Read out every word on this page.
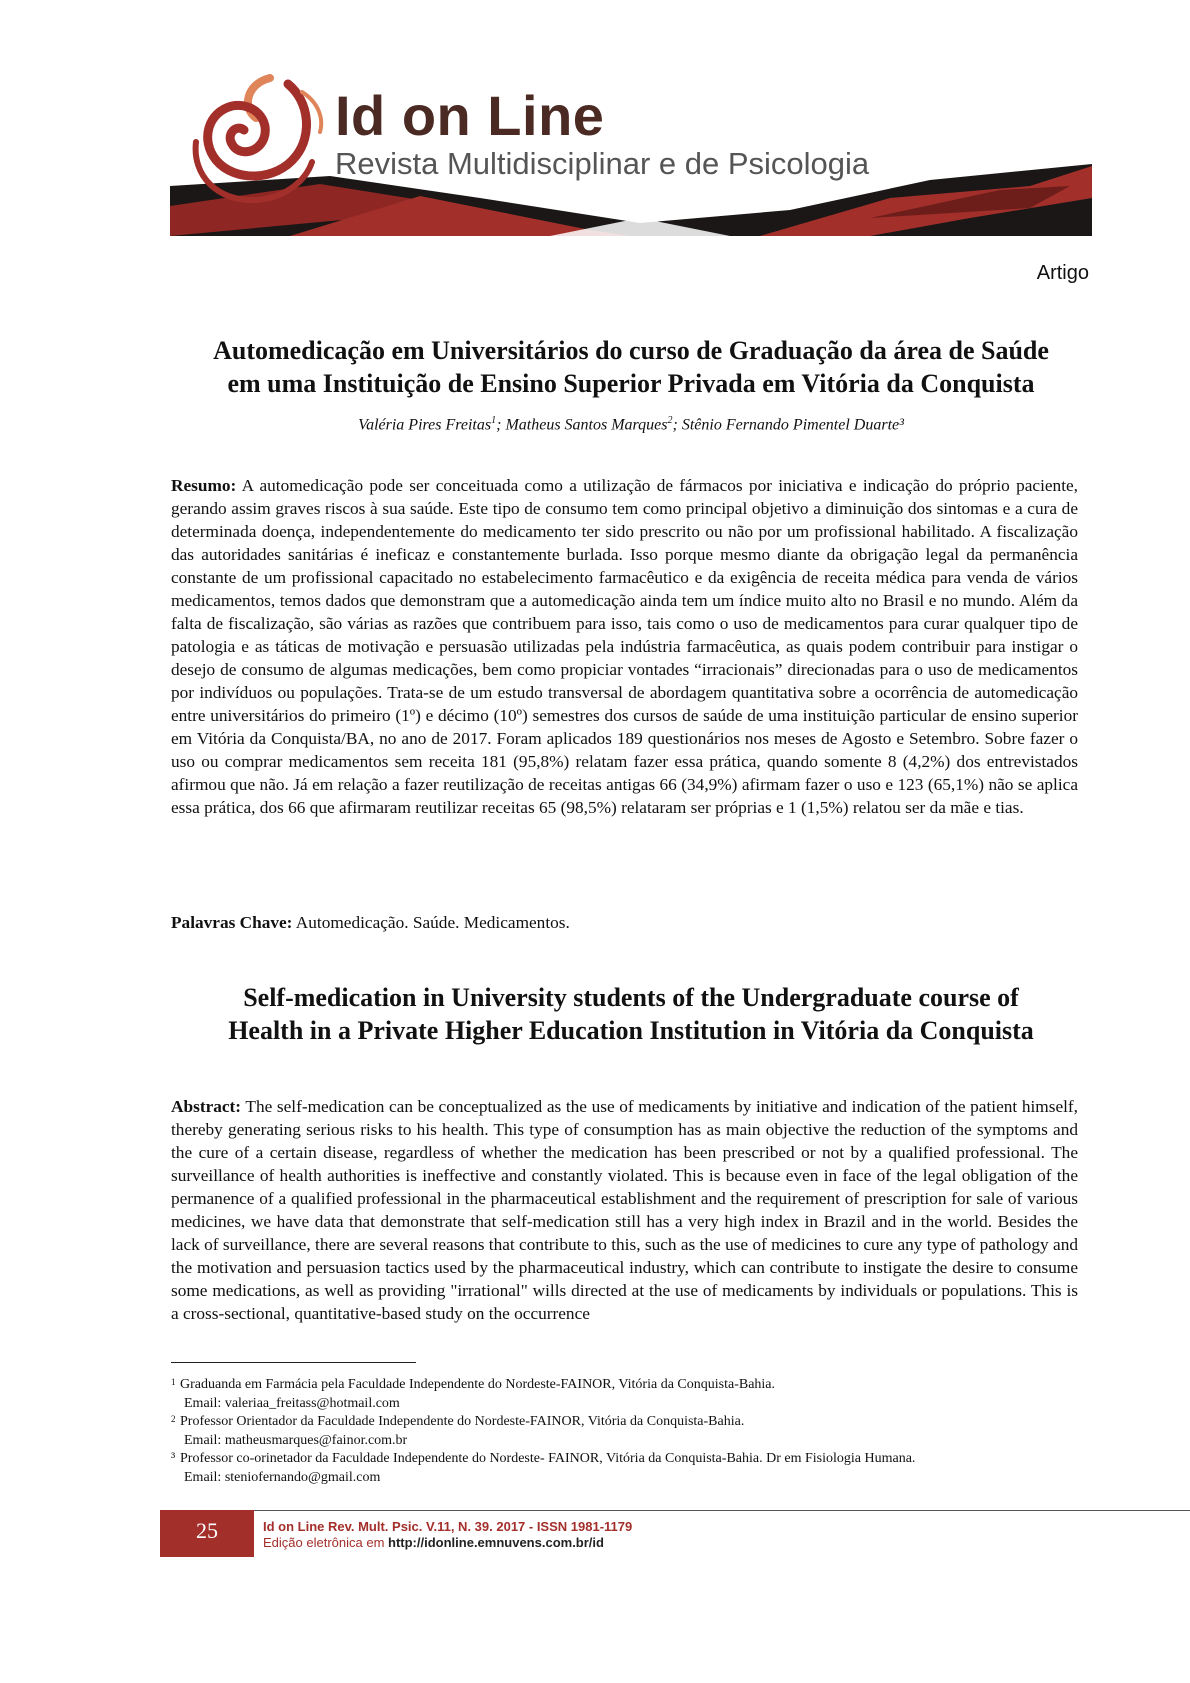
Id on Line
Revista Multidisciplinar e de Psicologia
Artigo
Automedicação em Universitários do curso de Graduação da área de Saúde
em uma Instituição de Ensino Superior Privada em Vitória da Conquista
Valéria Pires Freitas$^1$; Matheus Santos Marques$^2$; Stênio Fernando Pimentel Duarte³
Resumo: A automedicação pode ser conceituada como a utilização de fármacos por iniciativa e indicação do próprio paciente, gerando assim graves riscos à sua saúde. Este tipo de consumo tem como principal objetivo a diminuição dos sintomas e a cura de determinada doença, independentemente do medicamento ter sido prescrito ou não por um profissional habilitado. A fiscalização das autoridades sanitárias é ineficaz e constantemente burlada. Isso porque mesmo diante da obrigação legal da permanência constante de um profissional capacitado no estabelecimento farmacêutico e da exigência de receita médica para venda de vários medicamentos, temos dados que demonstram que a automedicação ainda tem um índice muito alto no Brasil e no mundo. Além da falta de fiscalização, são várias as razões que contribuem para isso, tais como o uso de medicamentos para curar qualquer tipo de patologia e as táticas de motivação e persuasão utilizadas pela indústria farmacêutica, as quais podem contribuir para instigar o desejo de consumo de algumas medicações, bem como propiciar vontades “irracionais” direcionadas para o uso de medicamentos por indivíduos ou populações. Trata-se de um estudo transversal de abordagem quantitativa sobre a ocorrência de automedicação entre universitários do primeiro (1º) e décimo (10º) semestres dos cursos de saúde de uma instituição particular de ensino superior em Vitória da Conquista/BA, no ano de 2017. Foram aplicados 189 questionários nos meses de Agosto e Setembro. Sobre fazer o uso ou comprar medicamentos sem receita 181 (95,8%) relatam fazer essa prática, quando somente 8 (4,2%) dos entrevistados afirmou que não. Já em relação a fazer reutilização de receitas antigas 66 (34,9%) afirmam fazer o uso e 123 (65,1%) não se aplica essa prática, dos 66 que afirmaram reutilizar receitas 65 (98,5%) relataram ser próprias e 1 (1,5%) relatou ser da mãe e tias.
Palavras Chave: Automedicação. Saúde. Medicamentos.
Self-medication in University students of the Undergraduate course of
Health in a Private Higher Education Institution in Vitória da Conquista
Abstract: The self-medication can be conceptualized as the use of medicaments by initiative and indication of the patient himself, thereby generating serious risks to his health. This type of consumption has as main objective the reduction of the symptoms and the cure of a certain disease, regardless of whether the medication has been prescribed or not by a qualified professional. The surveillance of health authorities is ineffective and constantly violated. This is because even in face of the legal obligation of the permanence of a qualified professional in the pharmaceutical establishment and the requirement of prescription for sale of various medicines, we have data that demonstrate that self-medication still has a very high index in Brazil and in the world. Besides the lack of surveillance, there are several reasons that contribute to this, such as the use of medicines to cure any type of pathology and the motivation and persuasion tactics used by the pharmaceutical industry, which can contribute to instigate the desire to consume some medications, as well as providing "irrational" wills directed at the use of medicaments by individuals or populations. This is a cross-sectional, quantitative-based study on the occurrence
1 Graduanda em Farmácia pela Faculdade Independente do Nordeste-FAINOR, Vitória da Conquista-Bahia.
Email: valeriaa_freitass@hotmail.com
2 Professor Orientador da Faculdade Independente do Nordeste-FAINOR, Vitória da Conquista-Bahia.
Email: matheusmarques@fainor.com.br
³ Professor co-orinetador da Faculdade Independente do Nordeste- FAINOR, Vitória da Conquista-Bahia. Dr em Fisiologia Humana.
Email: steniofernando@gmail.com
25	Id on Line Rev. Mult. Psic. V.11, N. 39. 2017 - ISSN 1981-1179
Edição eletrônica em http://idonline.emnuvens.com.br/id
